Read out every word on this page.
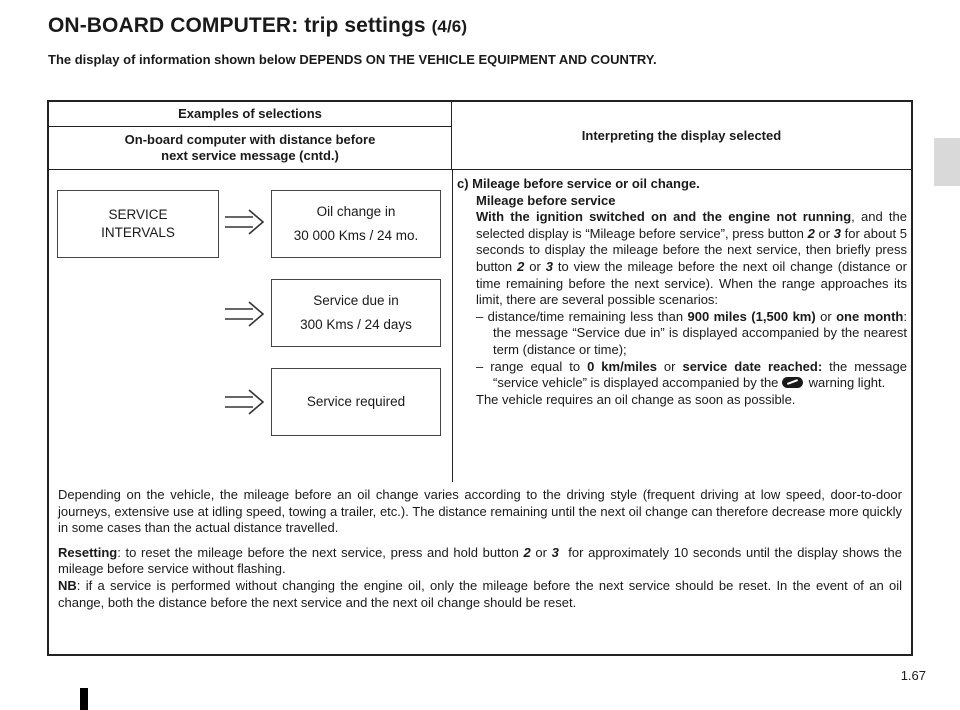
ON-BOARD COMPUTER: trip settings (4/6)
The display of information shown below DEPENDS ON THE VEHICLE EQUIPMENT AND COUNTRY.
Examples of selections
On-board computer with distance before
next service message (cntd.)
Interpreting the display selected
SERVICE
INTERVALS
Oil change in
30 000 Kms / 24 mo.
Service due in
300 Kms / 24 days
Service required

c) Mileage before service or oil change.

Mileage before service

With the ignition switched on and the engine not running, and the selected display is “Mileage before service”, press button 2 or 3 for about 5 seconds to display the mileage before the next service, then briefly press button 2 or 3 to view the mileage before the next oil change (distance or time remaining before the next service). When the range approaches its limit, there are several possible scenarios:

– distance/time remaining less than 900 miles (1,500 km) or one month: the message “Service due in” is displayed accompanied by the nearest term (distance or time);

– range equal to 0 km/miles or service date reached: the message “service vehicle” is displayed accompanied by the  warning light.

The vehicle requires an oil change as soon as possible.

Depending on the vehicle, the mileage before an oil change varies according to the driving style (frequent driving at low speed, door-to-door journeys, extensive use at idling speed, towing a trailer, etc.). The distance remaining until the next oil change can therefore decrease more quickly in some cases than the actual distance travelled.

Resetting: to reset the mileage before the next service, press and hold button 2 or 3  for approximately 10 seconds until the display shows the mileage before service without flashing.

NB: if a service is performed without changing the engine oil, only the mileage before the next service should be reset. In the event of an oil change, both the distance before the next service and the next oil change should be reset.

1.67
